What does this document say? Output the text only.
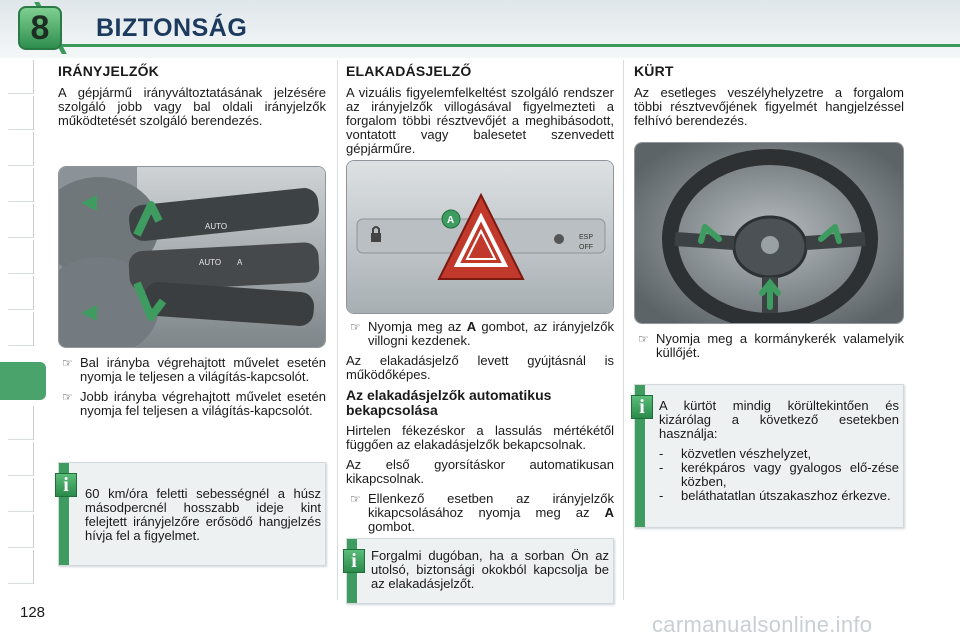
8	BIZTONSÁG
IRÁNYJELZŐK

A gépjármű irányváltoztatásának jelzésére szolgáló jobb vagy bal oldali irányjelzők működtetését szolgáló berendezés.

AUTO
AUTO A
☞ Bal irányba végrehajtott művelet esetén nyomja le teljesen a világítás-kapcsolót.
☞ Jobb irányba végrehajtott művelet esetén nyomja fel teljesen a világítás-kapcsolót.
i	60 km/óra feletti sebességnél a húsz másodpercnél hosszabb ideje kint felejtett irányjelzőre erősödő hangjelzés hívja fel a figyelmet.
ELAKADÁSJELZŐ

A vizuális figyelemfelkeltést szolgáló rendszer az irányjelzők villogásával figyelmezteti a forgalom többi résztvevőjét a meghibásodott, vontatott vagy balesetet szenvedett gépjárműre.

A
ESP
OFF
☞ Nyomja meg az A gombot, az irányjelzők villogni kezdenek.

Az elakadásjelző levett gyújtásnál is működőképes.

Az elakadásjelzők automatikus bekapcsolása

Hirtelen fékezéskor a lassulás mértékétől függően az elakadásjelzők bekapcsolnak.

Az első gyorsításkor automatikusan kikapcsolnak.

☞ Ellenkező esetben az irányjelzők kikapcsolásához nyomja meg az A gombot.
i	Forgalmi dugóban, ha a sorban Ön az utolsó, biztonsági okokból kapcsolja be az elakadásjelzőt.
KÜRT

Az esetleges veszélyhelyzetre a forgalom többi résztvevőjének figyelmét hangjelzéssel felhívó berendezés.

☞ Nyomja meg a kormánykerék valamelyik küllőjét.
i	A kürtöt mindig körültekintően és kizárólag a következő esetekben használja:

-	közvetlen vészhelyzet,
-	kerékpáros vagy gyalogos elő-zése közben,
-	beláthatatlan útszakaszhoz érkezve.
128	carmanualsonline.info
